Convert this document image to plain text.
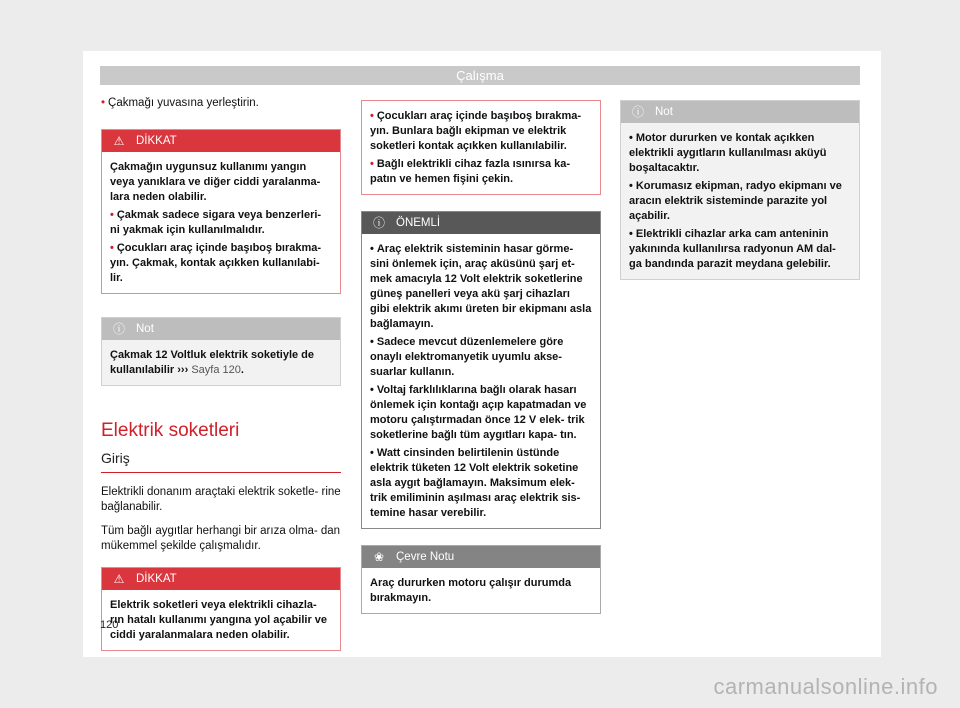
Çalışma

• Çakmağı yuvasına yerleştirin.

⚠ DİKKAT

Çakmağın uygunsuz kullanımı yangın veya yanıklara ve diğer ciddi yaralanma- lara neden olabilir.

• Çakmak sadece sigara veya benzerleri- ni yakmak için kullanılmalıdır.

• Çocukları araç içinde başıboş bırakma- yın. Çakmak, kontak açıkken kullanılabi- lir.

ⓘ Not

Çakmak 12 Voltluk elektrik soketiyle de kullanılabilir ››› Sayfa 120.

Elektrik soketleri
Giriş

Elektrikli donanım araçtaki elektrik soketle- rine bağlanabilir.

Tüm bağlı aygıtlar herhangi bir arıza olma- dan mükemmel şekilde çalışmalıdır.

⚠ DİKKAT

Elektrik soketleri veya elektrikli cihazla- rın hatalı kullanımı yangına yol açabilir ve ciddi yaralanmalara neden olabilir.

• Çocukları araç içinde başıboş bırakma- yın. Bunlara bağlı ekipman ve elektrik soketleri kontak açıkken kullanılabilir.

• Bağlı elektrikli cihaz fazla ısınırsa ka- patın ve hemen fişini çekin.

ⓘ ÖNEMLİ

• Araç elektrik sisteminin hasar görme- sini önlemek için, araç aküsünü şarj et- mek amacıyla 12 Volt elektrik soketlerine güneş panelleri veya akü şarj cihazları gibi elektrik akımı üreten bir ekipmanı asla bağlamayın.

• Sadece mevcut düzenlemelere göre onaylı elektromanyetik uyumlu akse- suarlar kullanın.

• Voltaj farklılıklarına bağlı olarak hasarı önlemek için kontağı açıp kapatmadan ve motoru çalıştırmadan önce 12 V elek- trik soketlerine bağlı tüm aygıtları kapa- tın.

• Watt cinsinden belirtilenin üstünde elektrik tüketen 12 Volt elektrik soketine asla aygıt bağlamayın. Maksimum elek- trik emiliminin aşılması araç elektrik sis- temine hasar verebilir.

❀ Çevre Notu

Araç dururken motoru çalışır durumda bırakmayın.

ⓘ Not

• Motor dururken ve kontak açıkken elektrikli aygıtların kullanılması aküyü boşaltacaktır.

• Korumasız ekipman, radyo ekipmanı ve aracın elektrik sisteminde parazite yol açabilir.

• Elektrikli cihazlar arka cam anteninin yakınında kullanılırsa radyonun AM dal- ga bandında parazit meydana gelebilir.

120
carmanualsonline.info
